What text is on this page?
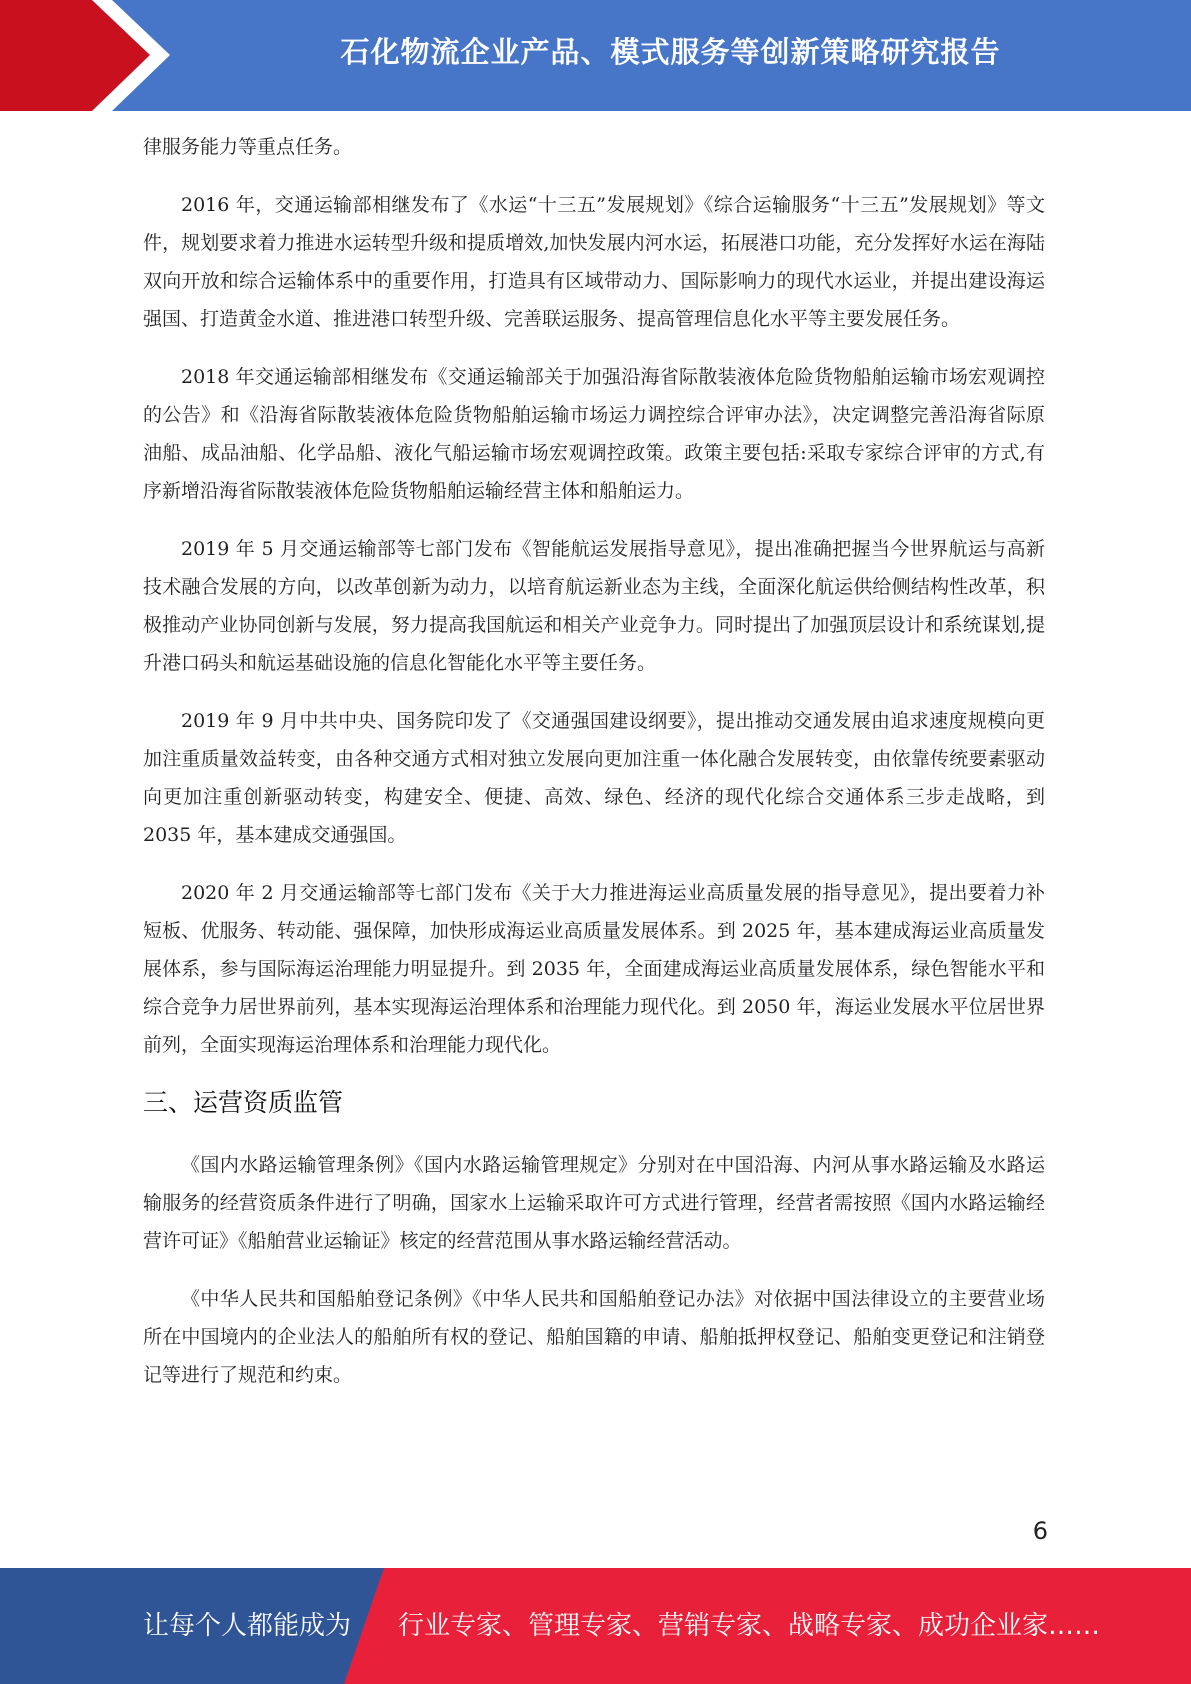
石化物流企业产品、模式服务等创新策略研究报告

律服务能力等重点任务。

2016 年，交通运输部相继发布了《水运“十三五”发展规划》《综合运输服务“十三五”发展规划》等文件，规划要求着力推进水运转型升级和提质增效,加快发展内河水运，拓展港口功能，充分发挥好水运在海陆双向开放和综合运输体系中的重要作用，打造具有区域带动力、国际影响力的现代水运业，并提出建设海运强国、打造黄金水道、推进港口转型升级、完善联运服务、提高管理信息化水平等主要发展任务。

2018 年交通运输部相继发布《交通运输部关于加强沿海省际散装液体危险货物船舶运输市场宏观调控的公告》和《沿海省际散装液体危险货物船舶运输市场运力调控综合评审办法》，决定调整完善沿海省际原油船、成品油船、化学品船、液化气船运输市场宏观调控政策。政策主要包括:采取专家综合评审的方式,有序新增沿海省际散装液体危险货物船舶运输经营主体和船舶运力。

2019 年 5 月交通运输部等七部门发布《智能航运发展指导意见》，提出准确把握当今世界航运与高新技术融合发展的方向，以改革创新为动力，以培育航运新业态为主线，全面深化航运供给侧结构性改革，积极推动产业协同创新与发展，努力提高我国航运和相关产业竞争力。同时提出了加强顶层设计和系统谋划,提升港口码头和航运基础设施的信息化智能化水平等主要任务。

2019 年 9 月中共中央、国务院印发了《交通强国建设纲要》，提出推动交通发展由追求速度规模向更加注重质量效益转变，由各种交通方式相对独立发展向更加注重一体化融合发展转变，由依靠传统要素驱动向更加注重创新驱动转变，构建安全、便捷、高效、绿色、经济的现代化综合交通体系三步走战略，到 2035 年，基本建成交通强国。

2020 年 2 月交通运输部等七部门发布《关于大力推进海运业高质量发展的指导意见》，提出要着力补短板、优服务、转动能、强保障，加快形成海运业高质量发展体系。到 2025 年，基本建成海运业高质量发展体系，参与国际海运治理能力明显提升。到 2035 年，全面建成海运业高质量发展体系，绿色智能水平和综合竞争力居世界前列，基本实现海运治理体系和治理能力现代化。到 2050 年，海运业发展水平位居世界前列，全面实现海运治理体系和治理能力现代化。

三、运营资质监管

《国内水路运输管理条例》《国内水路运输管理规定》分别对在中国沿海、内河从事水路运输及水路运输服务的经营资质条件进行了明确，国家水上运输采取许可方式进行管理，经营者需按照《国内水路运输经营许可证》《船舶营业运输证》核定的经营范围从事水路运输经营活动。

《中华人民共和国船舶登记条例》《中华人民共和国船舶登记办法》对依据中国法律设立的主要营业场所在中国境内的企业法人的船舶所有权的登记、船舶国籍的申请、船舶抵押权登记、船舶变更登记和注销登记等进行了规范和约束。

6
让每个人都能成为 行业专家、管理专家、营销专家、战略专家、成功企业家……
